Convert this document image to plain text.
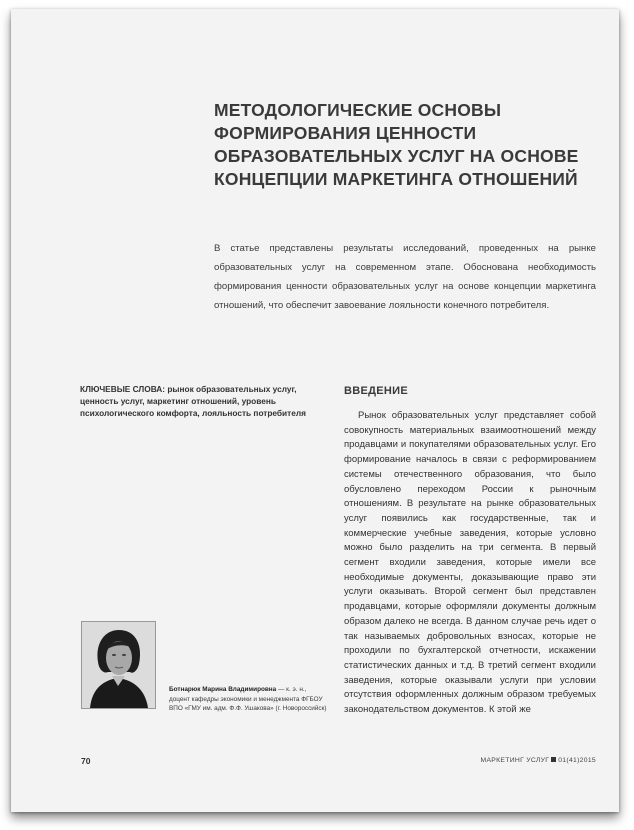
МЕТОДОЛОГИЧЕСКИЕ ОСНОВЫ ФОРМИРОВАНИЯ ЦЕННОСТИ ОБРАЗОВАТЕЛЬНЫХ УСЛУГ НА ОСНОВЕ КОНЦЕПЦИИ МАРКЕТИНГА ОТНОШЕНИЙ

В статье представлены результаты исследований, проведенных на рынке образовательных услуг на современном этапе. Обоснована необходимость формирования ценности образовательных услуг на основе концепции маркетинга отношений, что обеспечит завоевание лояльности конечного потребителя.

КЛЮЧЕВЫЕ СЛОВА: рынок образовательных услуг, ценность услуг, маркетинг отношений, уровень психологического комфорта, лояльность потребителя

ВВЕДЕНИЕ

Рынок образовательных услуг представляет собой совокупность материальных взаимоотношений между продавцами и покупателями образовательных услуг. Его формирование началось в связи с реформированием системы отечественного образования, что было обусловлено переходом России к рыночным отношениям. В результате на рынке образовательных услуг появились как государственные, так и коммерческие учебные заведения, которые условно можно было разделить на три сегмента. В первый сегмент входили заведения, которые имели все необходимые документы, доказывающие право эти услуги оказывать. Второй сегмент был представлен продавцами, которые оформляли документы должным образом далеко не всегда. В данном случае речь идет о так называемых добровольных взносах, которые не проходили по бухгалтерской отчетности, искажении статистических данных и т.д. В третий сегмент входили заведения, которые оказывали услуги при условии отсутствия оформленных должным образом требуемых законодательством документов. К этой же

Ботнарюк Марина Владимировна — к. э. н., доцент кафедры экономики и менеджмента ФГБОУ ВПО «ГМУ им. адм. Ф.Ф. Ушакова» (г. Новороссийск)

70	МАРКЕТИНГ УСЛУГ 01(41)2015
